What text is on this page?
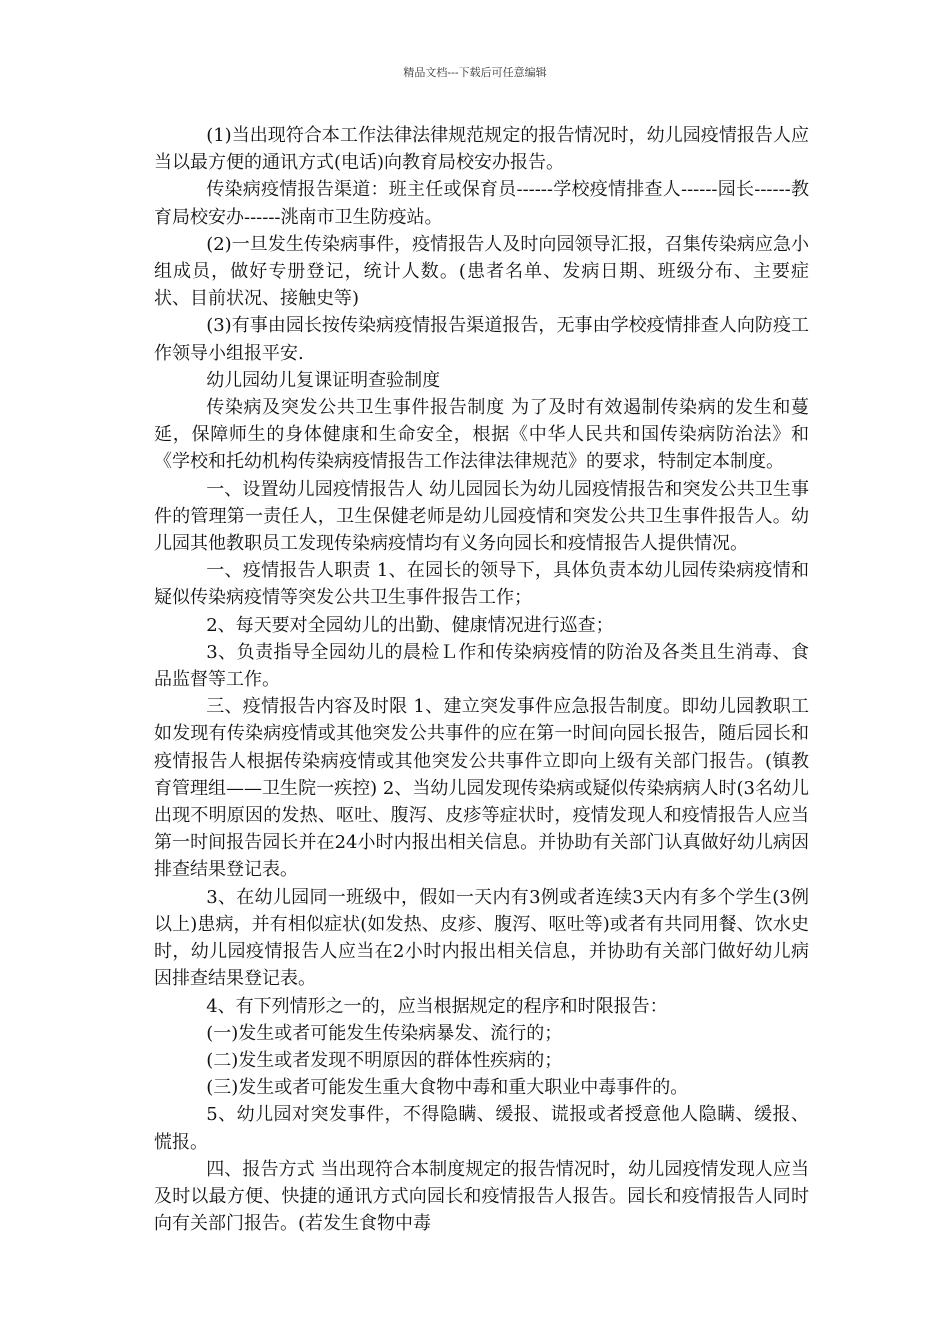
精品文档---下载后可任意编辑

(1)当出现符合本工作法律法律规范规定的报告情况时，幼儿园疫情报告人应当以最方便的通讯方式(电话)向教育局校安办报告。

传染病疫情报告渠道：班主任或保育员------学校疫情排查人------园长------教育局校安办------洮南市卫生防疫站。

(2)一旦发生传染病事件，疫情报告人及时向园领导汇报，召集传染病应急小组成员，做好专册登记，统计人数。(患者名单、发病日期、班级分布、主要症状、目前状况、接触史等)

(3)有事由园长按传染病疫情报告渠道报告，无事由学校疫情排查人向防疫工作领导小组报平安.

幼儿园幼儿复课证明查验制度

传染病及突发公共卫生事件报告制度 为了及时有效遏制传染病的发生和蔓延，保障师生的身体健康和生命安全，根据《中华人民共和国传染病防治法》和《学校和托幼机构传染病疫情报告工作法律法律规范》的要求，特制定本制度。

一、设置幼儿园疫情报告人 幼儿园园长为幼儿园疫情报告和突发公共卫生事件的管理第一责任人，卫生保健老师是幼儿园疫情和突发公共卫生事件报告人。幼儿园其他教职员工发现传染病疫情均有义务向园长和疫情报告人提供情况。

一、疫情报告人职责 1、在园长的领导下，具体负责本幼儿园传染病疫情和疑似传染病疫情等突发公共卫生事件报告工作；

2、每天要对全园幼儿的出勤、健康情况进行巡查；

3、负责指导全园幼儿的晨检Ｌ作和传染病疫情的防治及各类且生消毒、食品监督等工作。

三、疫情报告内容及时限 1、建立突发事件应急报告制度。即幼儿园教职工如发现有传染病疫情或其他突发公共事件的应在第一时间向园长报告，随后园长和疫情报告人根据传染病疫情或其他突发公共事件立即向上级有关部门报告。(镇教育管理组——卫生院一疾控) 2、当幼儿园发现传染病或疑似传染病病人时(3名幼儿出现不明原因的发热、呕吐、腹泻、皮疹等症状时，疫情发现人和疫情报告人应当第一时间报告园长并在24小时内报出相关信息。并协助有关部门认真做好幼儿病因排查结果登记表。

3、在幼儿园同一班级中，假如一天内有3例或者连续3天内有多个学生(3例以上)患病，并有相似症状(如发热、皮疹、腹泻、呕吐等)或者有共同用餐、饮水史时，幼儿园疫情报告人应当在2小时内报出相关信息，并协助有关部门做好幼儿病因排查结果登记表。

4、有下列情形之一的，应当根据规定的程序和时限报告：

(一)发生或者可能发生传染病暴发、流行的；

(二)发生或者发现不明原因的群体性疾病的；

(三)发生或者可能发生重大食物中毒和重大职业中毒事件的。

5、幼儿园对突发事件，不得隐瞒、缓报、谎报或者授意他人隐瞒、缓报、慌报。

四、报告方式 当出现符合本制度规定的报告情况时，幼儿园疫情发现人应当及时以最方便、快捷的通讯方式向园长和疫情报告人报告。园长和疫情报告人同时向有关部门报告。(若发生食物中毒
